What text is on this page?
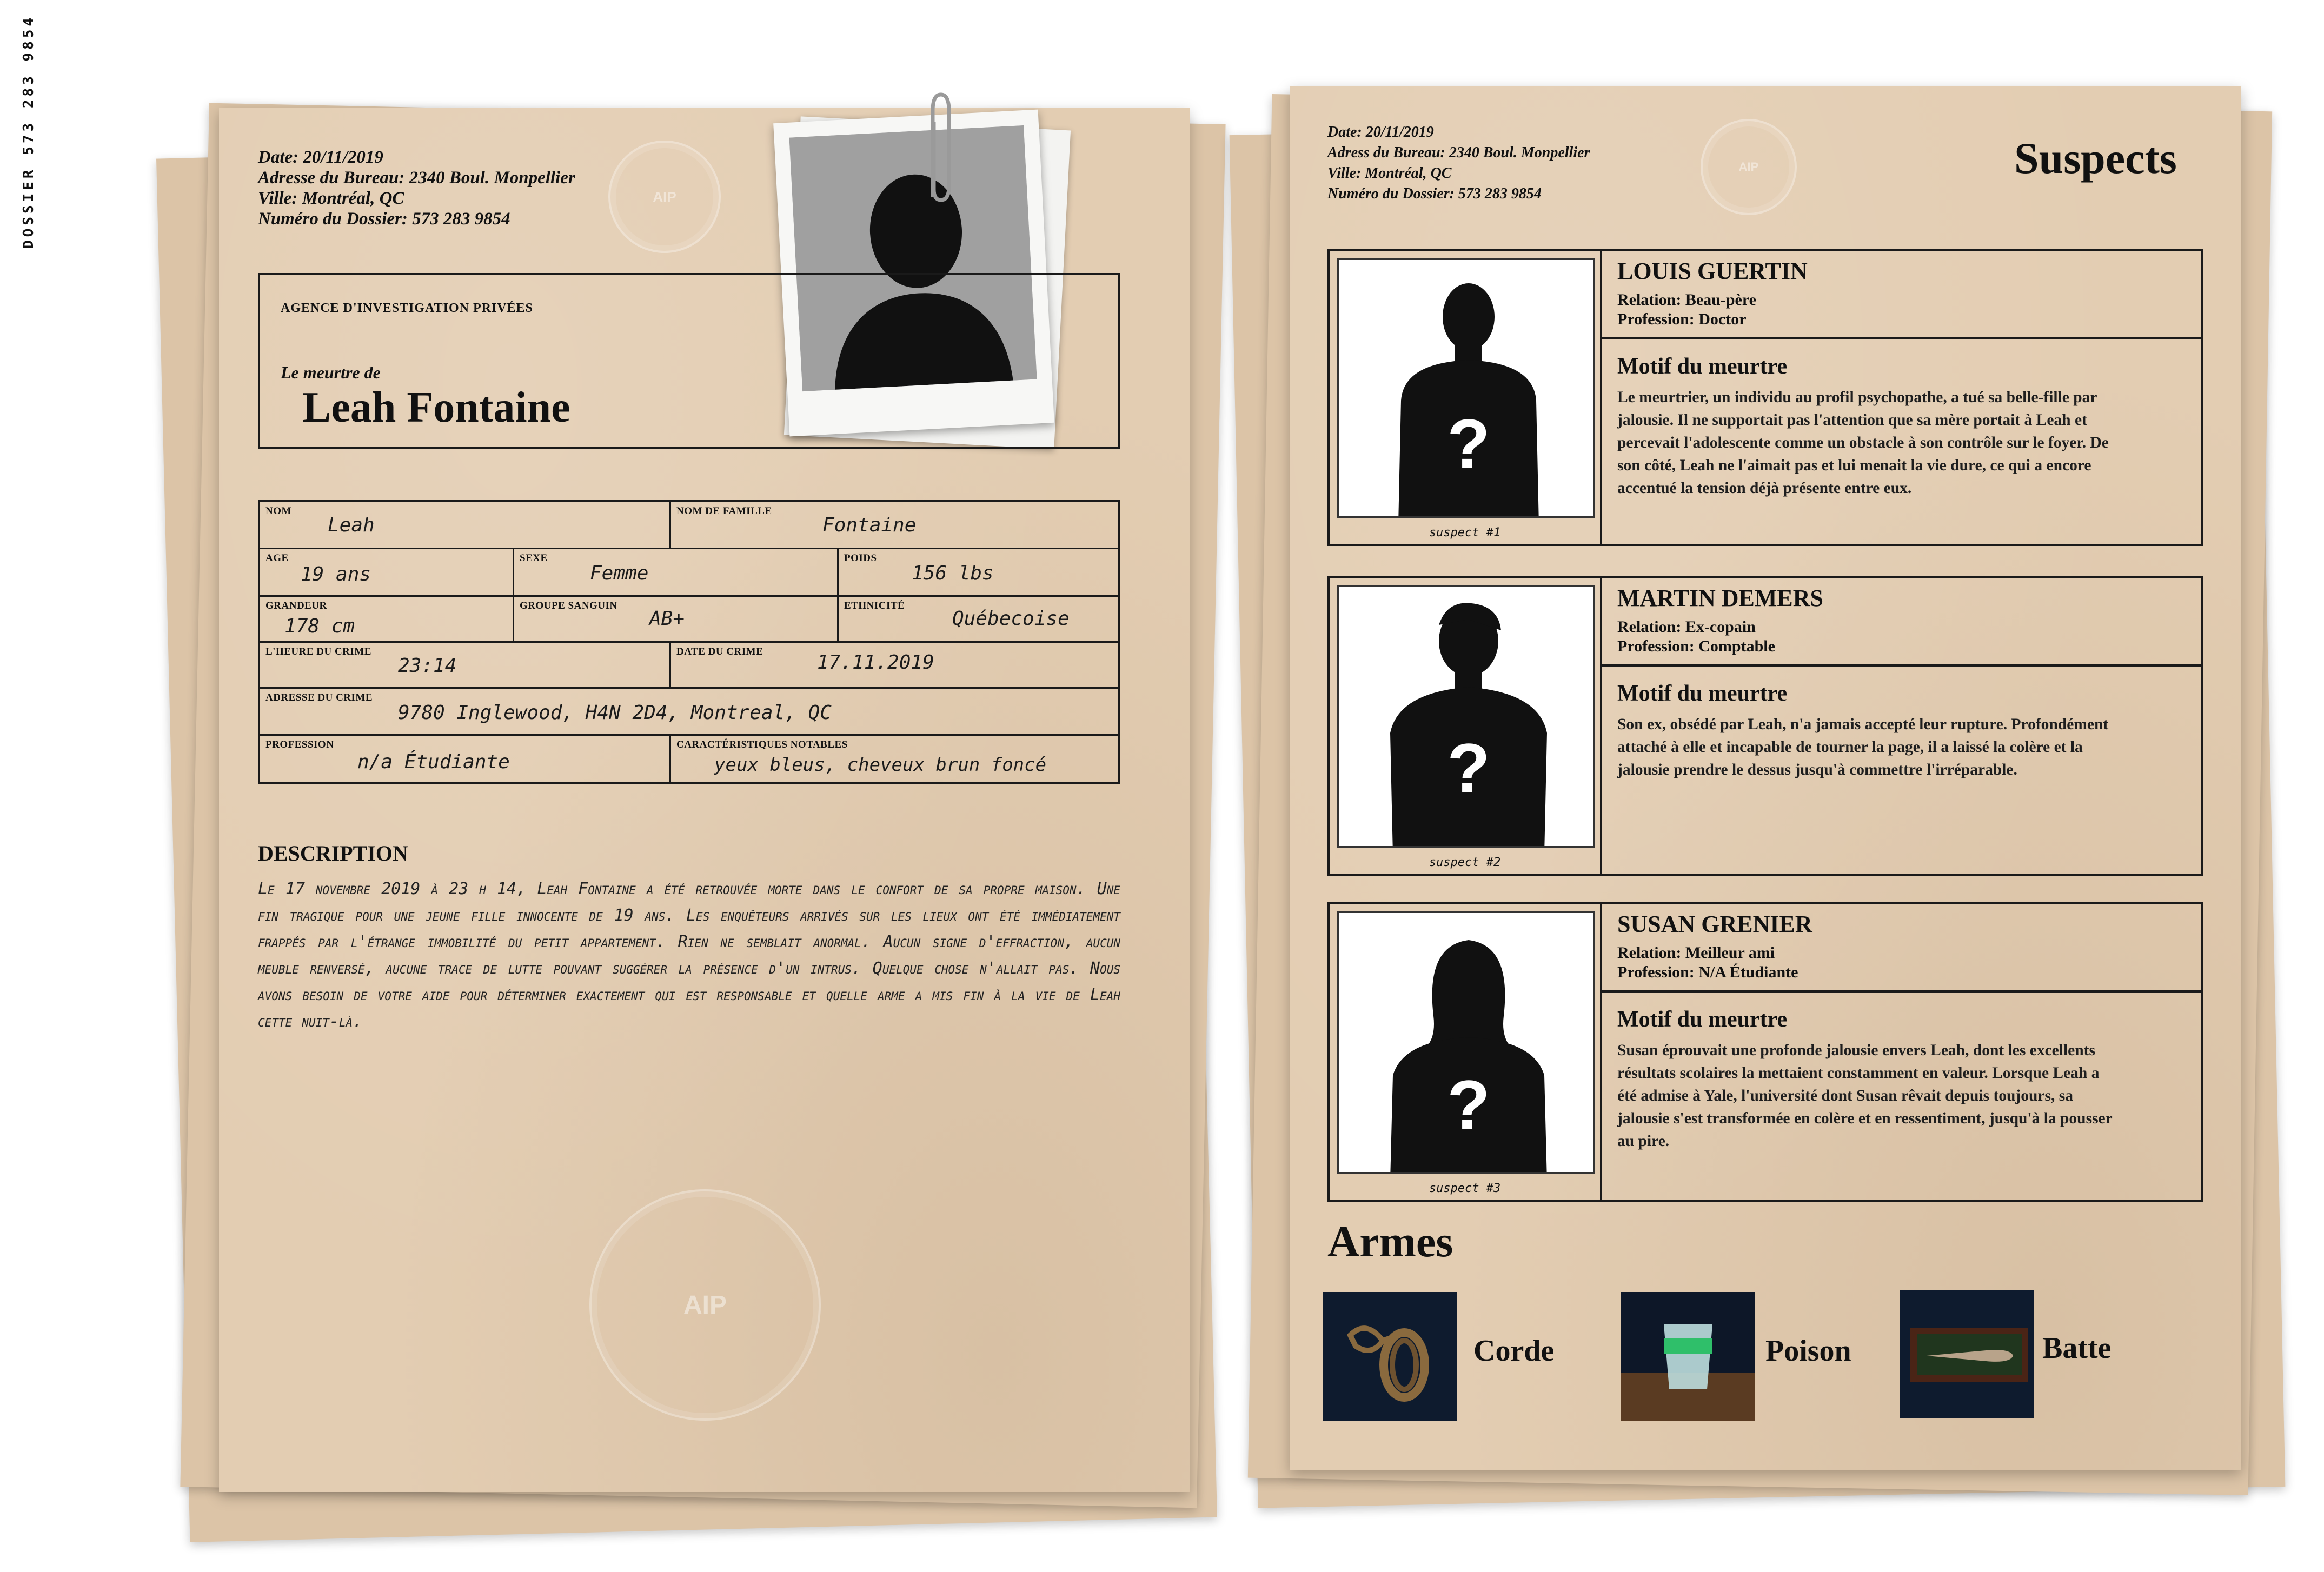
DOSSIER 573 283 9854	Date: 20/11/2019
Adresse du Bureau: 2340 Boul. Monpellier
Ville: Montréal, QC
Numéro du Dossier: 573 283 9854
AIP
AGENCE D'INVESTIGATION PRIVÉES
Le meurtre de
Leah Fontaine
NOM
Leah
NOM DE FAMILLE
Fontaine
AGE
19 ans
SEXE
Femme
POIDS
156 lbs
GRANDEUR
178 cm
GROUPE SANGUIN
AB+
ETHNICITÉ
Québecoise
L'HEURE DU CRIME
23:14
DATE DU CRIME	17.11.2019
ADRESSE DU CRIME
9780 Inglewood, H4N 2D4, Montreal, QC
PROFESSION
n/a Étudiante
CARACTÉRISTIQUES NOTABLES
yeux bleus, cheveux brun foncé
DESCRIPTION
Le 17 novembre 2019 à 23 h 14, Leah Fontaine a été retrouvée morte dans le confort de sa propre maison. Une fin tragique pour une jeune fille innocente de 19 ans. Les enquêteurs arrivés sur les lieux ont été immédiatement frappés par l'étrange immobilité du petit appartement. Rien ne semblait anormal. Aucun signe d'effraction, aucun meuble renversé, aucune trace de lutte pouvant suggérer la présence d'un intrus. Quelque chose n'allait pas. Nous avons besoin de votre aide pour déterminer exactement qui est responsable et quelle arme a mis fin à la vie de Leah cette nuit-là.
AIP
Date: 20/11/2019
Adress du Bureau: 2340 Boul. Monpellier
Ville: Montréal, QC
Numéro du Dossier: 573 283 9854
AIP	Suspects
?
suspect #1
LOUIS GUERTIN
Relation: Beau-père
Profession: Doctor
Motif du meurtre
Le meurtrier, un individu au profil psychopathe, a tué sa belle-fille par jalousie. Il ne supportait pas l'attention que sa mère portait à Leah et percevait l'adolescente comme un obstacle à son contrôle sur le foyer. De son côté, Leah ne l'aimait pas et lui menait la vie dure, ce qui a encore accentué la tension déjà présente entre eux.
?
suspect #2
MARTIN DEMERS
Relation: Ex-copain
Profession: Comptable
Motif du meurtre
Son ex, obsédé par Leah, n'a jamais accepté leur rupture. Profondément attaché à elle et incapable de tourner la page, il a laissé la colère et la jalousie prendre le dessus jusqu'à commettre l'irréparable.
?
suspect #3
SUSAN GRENIER
Relation: Meilleur ami
Profession: N/A Étudiante
Motif du meurtre
Susan éprouvait une profonde jalousie envers Leah, dont les excellents résultats scolaires la mettaient constamment en valeur. Lorsque Leah a été admise à Yale, l'université dont Susan rêvait depuis toujours, sa jalousie s'est transformée en colère et en ressentiment, jusqu'à la pousser au pire.
Armes
Corde	Poison	Batte
